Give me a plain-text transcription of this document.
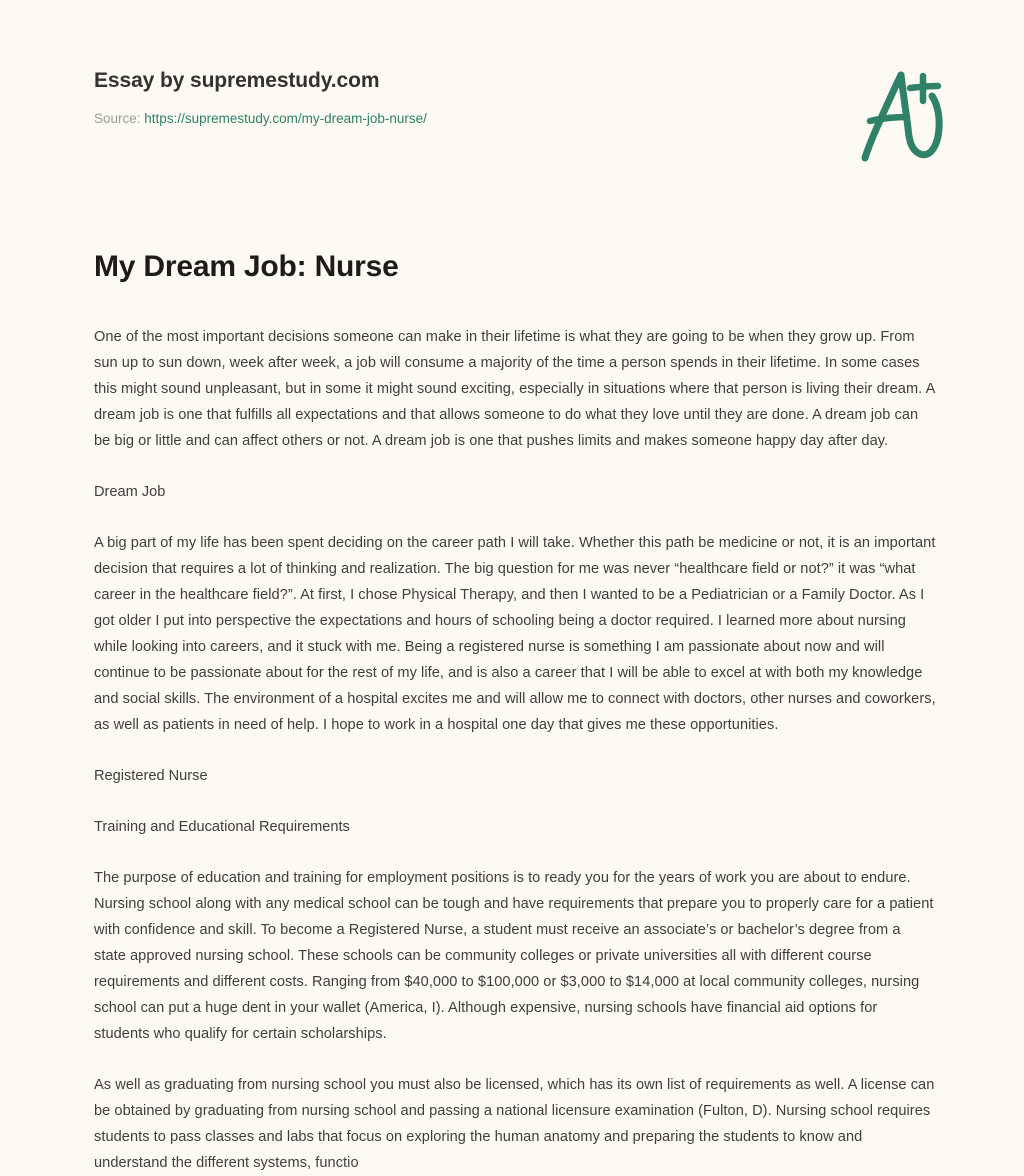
Essay by supremestudy.com
Source: https://supremestudy.com/my-dream-job-nurse/
My Dream Job: Nurse

One of the most important decisions someone can make in their lifetime is what they are going to be when they grow up. From sun up to sun down, week after week, a job will consume a majority of the time a person spends in their lifetime. In some cases this might sound unpleasant, but in some it might sound exciting, especially in situations where that person is living their dream. A dream job is one that fulfills all expectations and that allows someone to do what they love until they are done. A dream job can be big or little and can affect others or not. A dream job is one that pushes limits and makes someone happy day after day.

Dream Job

A big part of my life has been spent deciding on the career path I will take. Whether this path be medicine or not, it is an important decision that requires a lot of thinking and realization. The big question for me was never “healthcare field or not?” it was “what career in the healthcare field?”. At first, I chose Physical Therapy, and then I wanted to be a Pediatrician or a Family Doctor. As I got older I put into perspective the expectations and hours of schooling being a doctor required. I learned more about nursing while looking into careers, and it stuck with me. Being a registered nurse is something I am passionate about now and will continue to be passionate about for the rest of my life, and is also a career that I will be able to excel at with both my knowledge and social skills. The environment of a hospital excites me and will allow me to connect with doctors, other nurses and coworkers, as well as patients in need of help. I hope to work in a hospital one day that gives me these opportunities.

Registered Nurse
Training and Educational Requirements

The purpose of education and training for employment positions is to ready you for the years of work you are about to endure. Nursing school along with any medical school can be tough and have requirements that prepare you to properly care for a patient with confidence and skill. To become a Registered Nurse, a student must receive an associate’s or bachelor’s degree from a state approved nursing school. These schools can be community colleges or private universities all with different course requirements and different costs. Ranging from $40,000 to $100,000 or $3,000 to $14,000 at local community colleges, nursing school can put a huge dent in your wallet (America, I). Although expensive, nursing schools have financial aid options for students who qualify for certain scholarships.

As well as graduating from nursing school you must also be licensed, which has its own list of requirements as well. A license can be obtained by graduating from nursing school and passing a national licensure examination (Fulton, D). Nursing school requires students to pass classes and labs that focus on exploring the human anatomy and preparing the students to know and understand the different systems, functio
